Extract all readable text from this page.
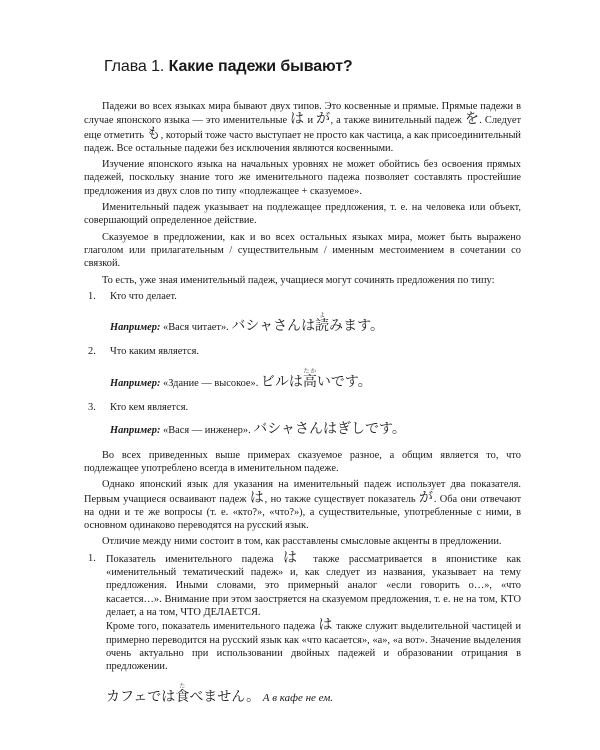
Глава 1. Какие падежи бывают?

Падежи во всех языках мира бывают двух типов. Это косвенные и прямые. Прямые падежи в случае японского языка — это именительные は и が, а также винительный падеж を. Следует еще отметить も, который тоже часто выступает не просто как частица, а как присоединительный падеж. Все остальные падежи без исключения являются косвенными.

Изучение японского языка на начальных уровнях не может обойтись без освоения прямых падежей, поскольку знание того же именительного падежа позволяет составлять простейшие предложения из двух слов по типу «подлежащее + сказуемое».

Именительный падеж указывает на подлежащее предложения, т. е. на человека или объект, совершающий определенное действие.

Сказуемое в предложении, как и во всех остальных языках мира, может быть выражено глаголом или прилагательным / существительным / именным местоимением в сочетании со связкой.

То есть, уже зная именительный падеж, учащиеся могут сочинять предложения по типу:

1. Кто что делает.
Например: «Вася читает». バシャさんは読よみます。
2. Что каким является.
Например: «Здание — высокое». ビルは高たかいです。
3. Кто кем является.
Например: «Вася — инженер». バシャさんはぎしです。

Во всех приведенных выше примерах сказуемое разное, а общим является то, что подлежащее употреблено всегда в именительном падеже.

Однако японский язык для указания на именительный падеж использует два показателя. Первым учащиеся осваивают падеж は, но также существует показатель が. Оба они отвечают на одни и те же вопросы (т. е. «кто?», «что?»), а существительные, употребленные с ними, в основном одинаково переводятся на русский язык.

Отличие между ними состоит в том, как расставлены смысловые акценты в предложении.

1. Показатель именительного падежа は также рассматривается в японистике как «именительный тематический падеж» и, как следует из названия, указывает на тему предложения. Иными словами, это примерный аналог «если говорить о…», «что касается…». Внимание при этом заостряется на сказуемом предложения, т. е. не на том, КТО делает, а на том, ЧТО ДЕЛАЕТСЯ.
Кроме того, показатель именительного падежа は также служит выделительной частицей и примерно переводится на русский язык как «что касается», «а», «а вот». Значение выделения очень актуально при использовании двойных падежей и образовании отрицания в предложении.
カフェでは食たべません。 А в кафе не ем.
